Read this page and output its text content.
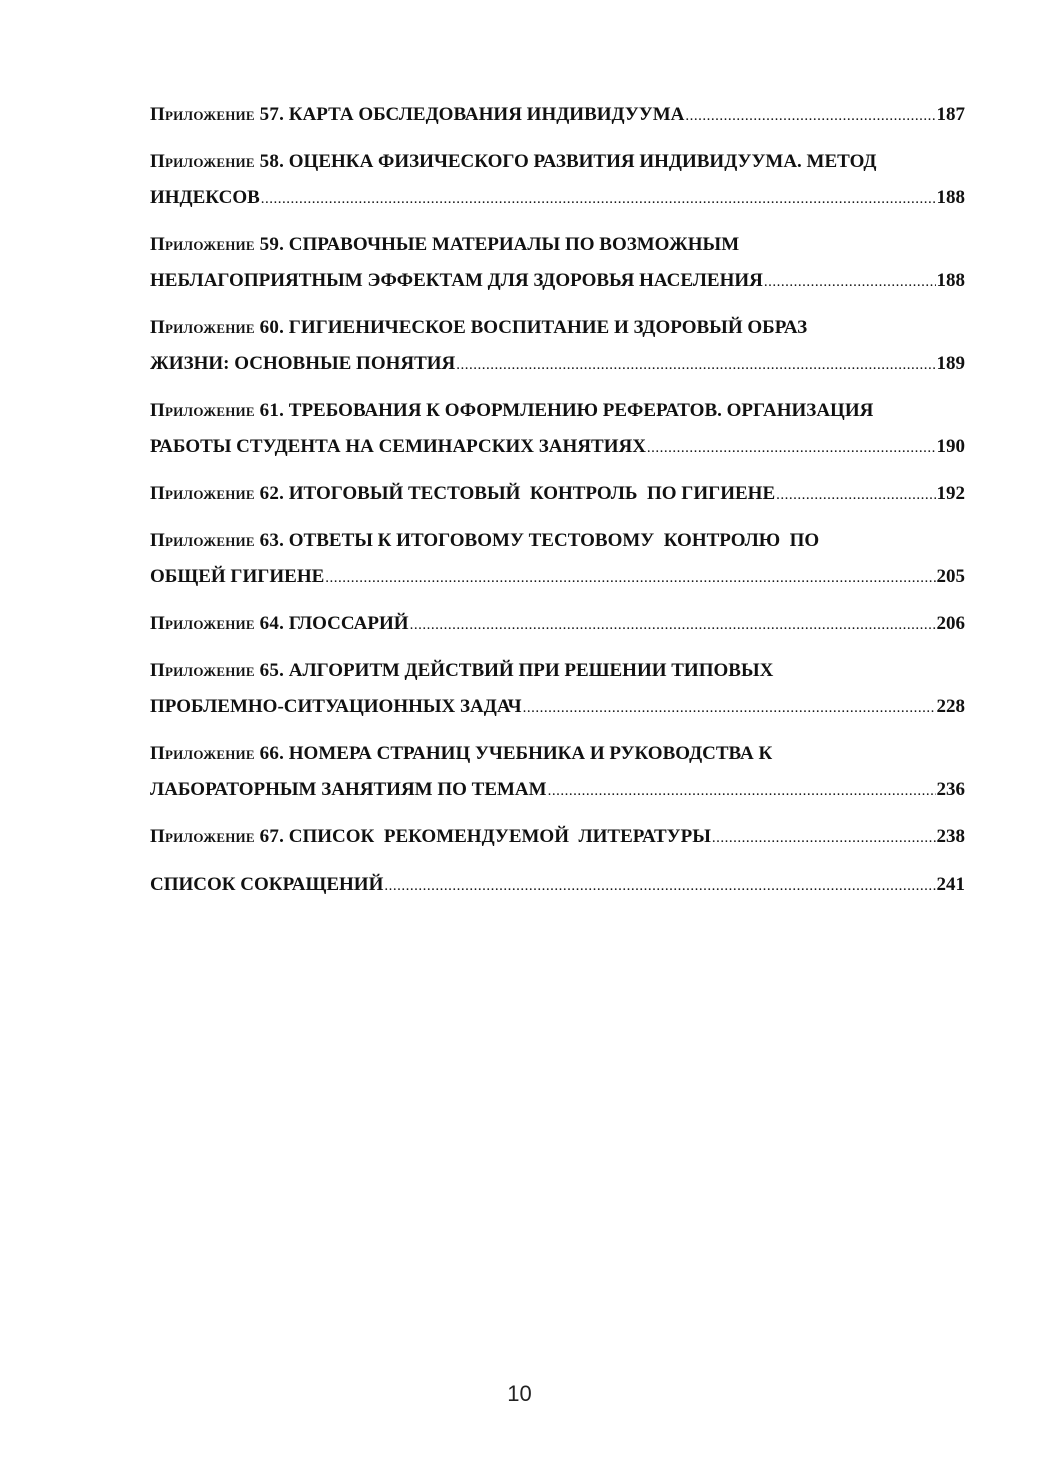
Приложение 57.
КАРТА ОБСЛЕДОВАНИЯ ИНДИВИДУУМА .....	187
Приложение 58.
ОЦЕНКА ФИЗИЧЕСКОГО РАЗВИТИЯ ИНДИВИДУУМА. МЕТОД
ИНДЕКСОВ .....	188
Приложение 59.
СПРАВОЧНЫЕ МАТЕРИАЛЫ ПО ВОЗМОЖНЫМ
НЕБЛАГОПРИЯТНЫМ ЭФФЕКТАМ ДЛЯ ЗДОРОВЬЯ НАСЕЛЕНИЯ .....	188
Приложение 60.
ГИГИЕНИЧЕСКОЕ ВОСПИТАНИЕ И ЗДОРОВЫЙ ОБРАЗ
ЖИЗНИ: ОСНОВНЫЕ ПОНЯТИЯ .....	189
Приложение 61.
ТРЕБОВАНИЯ К ОФОРМЛЕНИЮ РЕФЕРАТОВ. ОРГАНИЗАЦИЯ
РАБОТЫ СТУДЕНТА НА СЕМИНАРСКИХ ЗАНЯТИЯХ .....	190
Приложение 62.
ИТОГОВЫЙ ТЕСТОВЫЙ  КОНТРОЛЬ  ПО ГИГИЕНЕ .....	192
Приложение 63.
ОТВЕТЫ К ИТОГОВОМУ ТЕСТОВОМУ  КОНТРОЛЮ  ПО
ОБЩЕЙ ГИГИЕНЕ .....	205
Приложение 64.
ГЛОССАРИЙ .....	206
Приложение 65.
АЛГОРИТМ ДЕЙСТВИЙ ПРИ РЕШЕНИИ ТИПОВЫХ
ПРОБЛЕМНО-СИТУАЦИОННЫХ ЗАДАЧ .....	228
Приложение 66.
НОМЕРА СТРАНИЦ УЧЕБНИКА И РУКОВОДСТВА К
ЛАБОРАТОРНЫМ ЗАНЯТИЯМ ПО ТЕМАМ .....	236
Приложение 67.
СПИСОК  РЕКОМЕНДУЕМОЙ  ЛИТЕРАТУРЫ .....	238
СПИСОК СОКРАЩЕНИЙ .....	241
10
